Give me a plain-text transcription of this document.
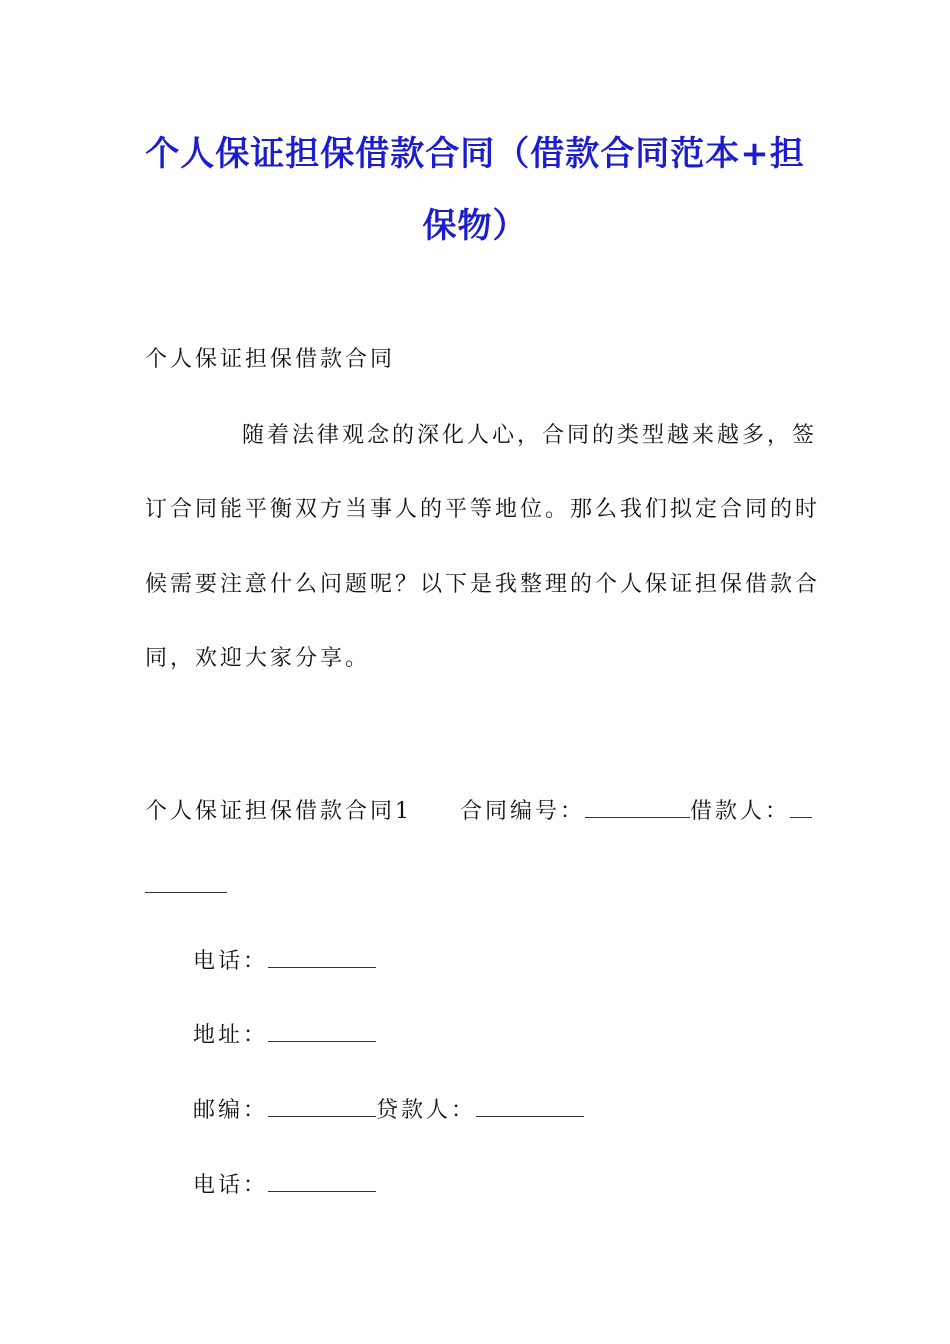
个人保证担保借款合同（借款合同范本+担
保物）
个人保证担保借款合同
随着法律观念的深化人心，合同的类型越来越多，签
订合同能平衡双方当事人的平等地位。那么我们拟定合同的时
候需要注意什么问题呢？以下是我整理的个人保证担保借款合
同，欢迎大家分享。
个人保证担保借款合同1 合同编号：	借款人：
电话：
地址：
邮编：	贷款人：
电话：
